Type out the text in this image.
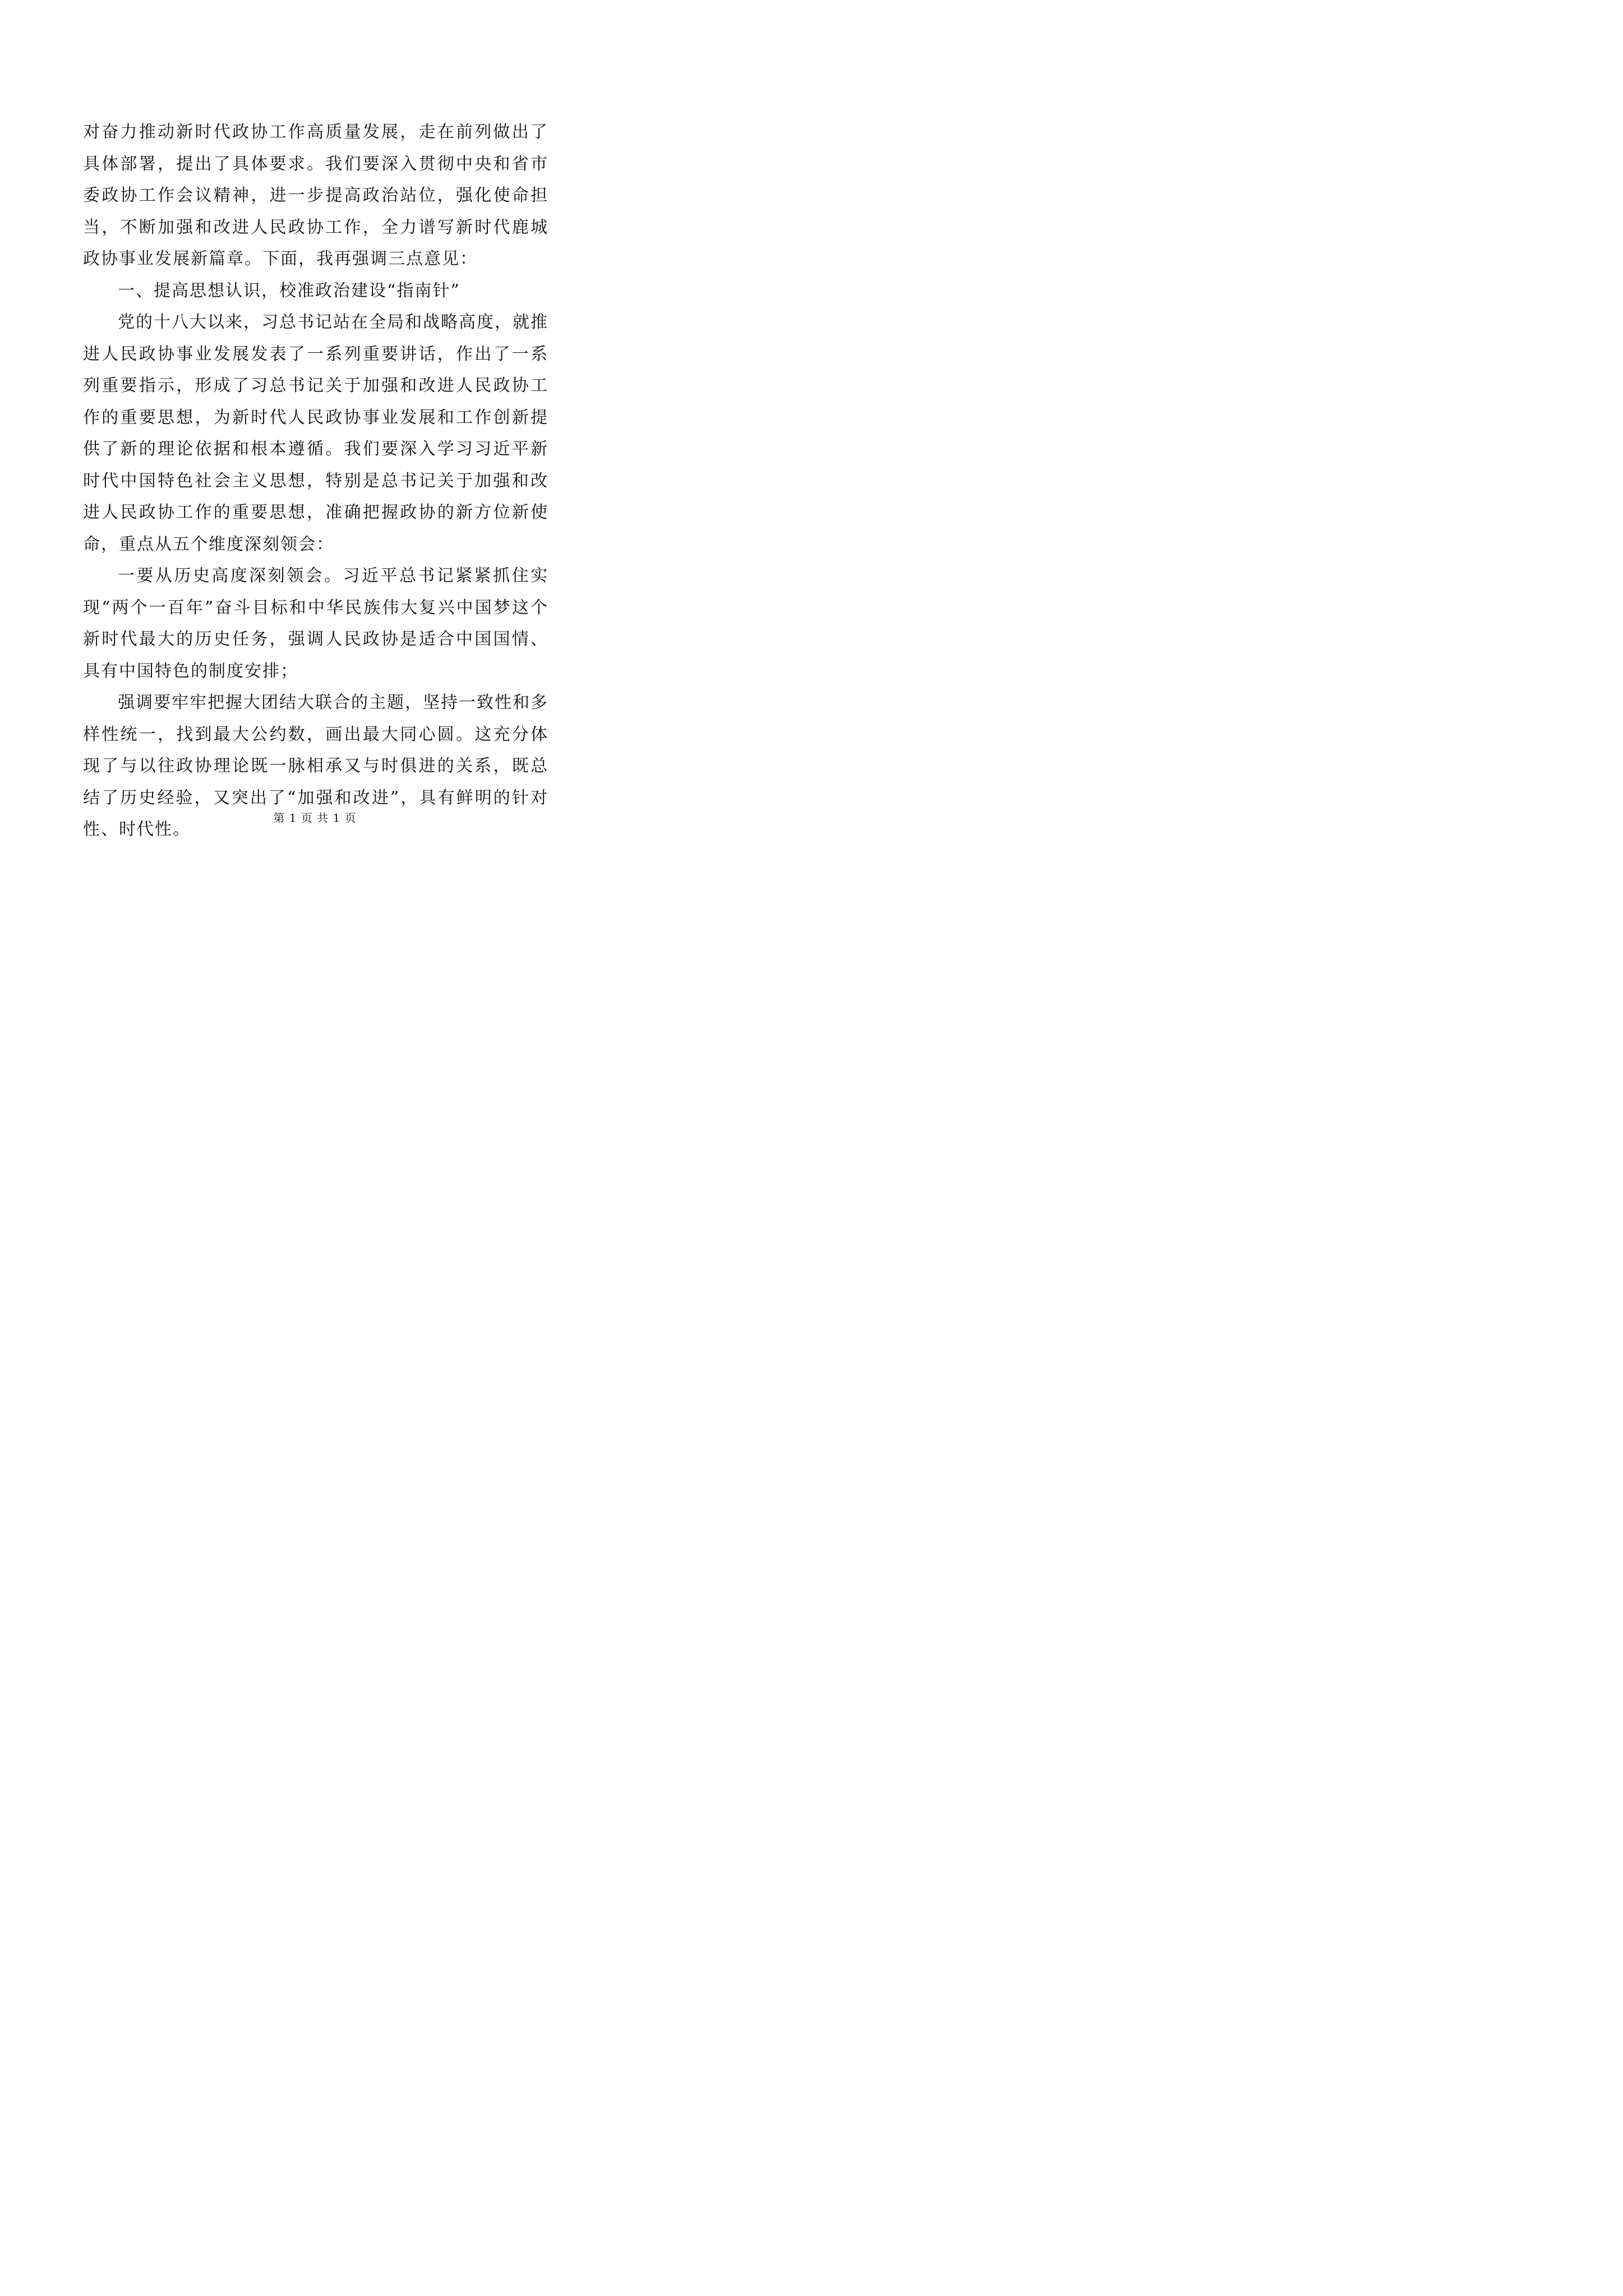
对奋力推动新时代政协工作高质量发展，走在前列做出了具体部署，提出了具体要求。我们要深入贯彻中央和省市委政协工作会议精神，进一步提高政治站位，强化使命担当，不断加强和改进人民政协工作，全力谱写新时代鹿城政协事业发展新篇章。下面，我再强调三点意见：

一、提高思想认识，校准政治建设“指南针”

党的十八大以来，习总书记站在全局和战略高度，就推进人民政协事业发展发表了一系列重要讲话，作出了一系列重要指示，形成了习总书记关于加强和改进人民政协工作的重要思想，为新时代人民政协事业发展和工作创新提供了新的理论依据和根本遵循。我们要深入学习习近平新时代中国特色社会主义思想，特别是总书记关于加强和改进人民政协工作的重要思想，准确把握政协的新方位新使命，重点从五个维度深刻领会：

一要从历史高度深刻领会。习近平总书记紧紧抓住实现“两个一百年”奋斗目标和中华民族伟大复兴中国梦这个新时代最大的历史任务，强调人民政协是适合中国国情、具有中国特色的制度安排；

强调要牢牢把握大团结大联合的主题，坚持一致性和多样性统一，找到最大公约数，画出最大同心圆。这充分体现了与以往政协理论既一脉相承又与时俱进的关系，既总结了历史经验，又突出了“加强和改进”，具有鲜明的针对性、时代性。

第 1 页 共 1 页
